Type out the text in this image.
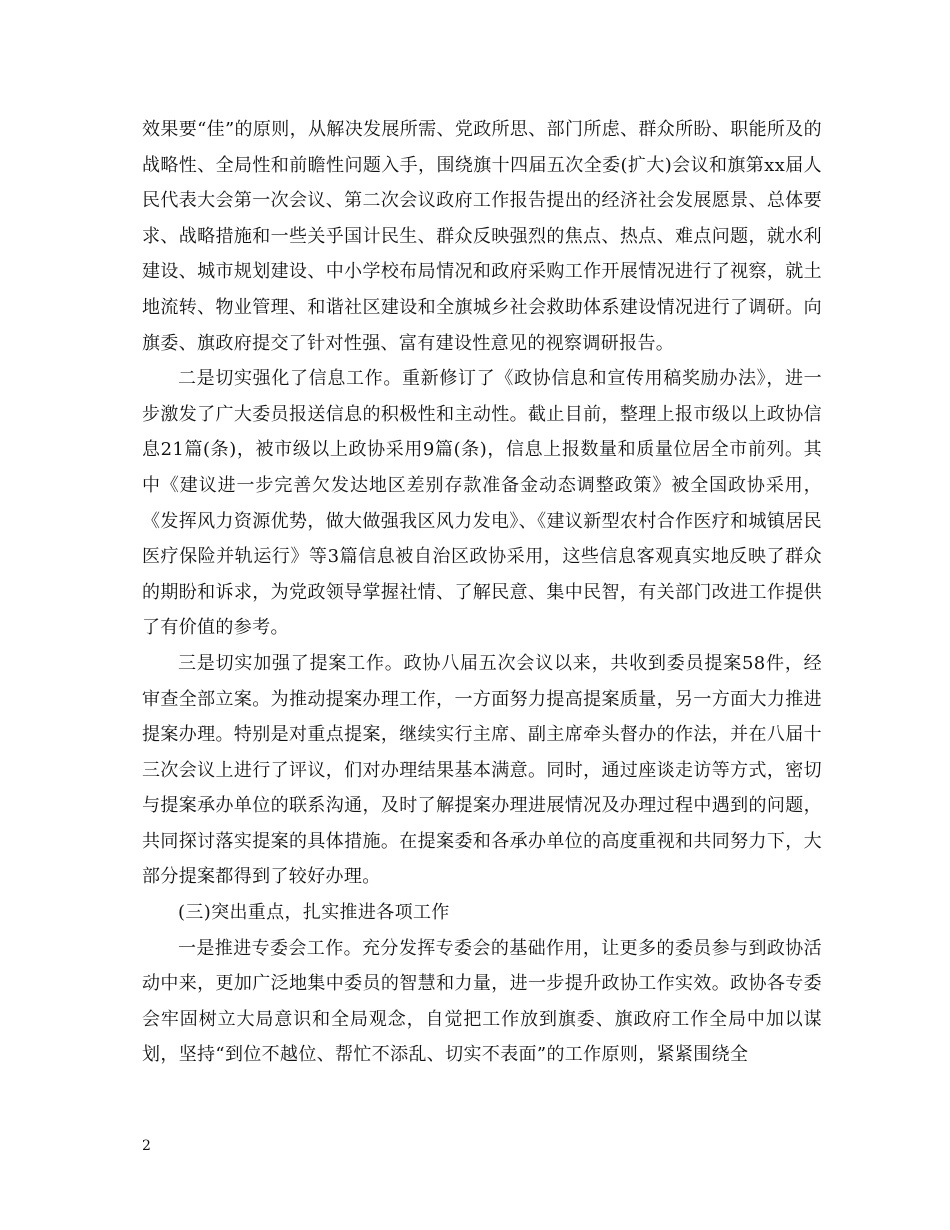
效果要“佳”的原则，从解决发展所需、党政所思、部门所虑、群众所盼、职能所及的战略性、全局性和前瞻性问题入手，围绕旗十四届五次全委(扩大)会议和旗第xx届人民代表大会第一次会议、第二次会议政府工作报告提出的经济社会发展愿景、总体要求、战略措施和一些关乎国计民生、群众反映强烈的焦点、热点、难点问题，就水利建设、城市规划建设、中小学校布局情况和政府采购工作开展情况进行了视察，就土地流转、物业管理、和谐社区建设和全旗城乡社会救助体系建设情况进行了调研。向旗委、旗政府提交了针对性强、富有建设性意见的视察调研报告。

二是切实强化了信息工作。重新修订了《政协信息和宣传用稿奖励办法》，进一步激发了广大委员报送信息的积极性和主动性。截止目前，整理上报市级以上政协信息21篇(条)，被市级以上政协采用9篇(条)，信息上报数量和质量位居全市前列。其中《建议进一步完善欠发达地区差别存款准备金动态调整政策》被全国政协采用，《发挥风力资源优势，做大做强我区风力发电》、《建议新型农村合作医疗和城镇居民医疗保险并轨运行》等3篇信息被自治区政协采用，这些信息客观真实地反映了群众的期盼和诉求，为党政领导掌握社情、了解民意、集中民智，有关部门改进工作提供了有价值的参考。

三是切实加强了提案工作。政协八届五次会议以来，共收到委员提案58件，经审查全部立案。为推动提案办理工作，一方面努力提高提案质量，另一方面大力推进提案办理。特别是对重点提案，继续实行主席、副主席牵头督办的作法，并在八届十三次会议上进行了评议，们对办理结果基本满意。同时，通过座谈走访等方式，密切与提案承办单位的联系沟通，及时了解提案办理进展情况及办理过程中遇到的问题，共同探讨落实提案的具体措施。在提案委和各承办单位的高度重视和共同努力下，大部分提案都得到了较好办理。

(三)突出重点，扎实推进各项工作

一是推进专委会工作。充分发挥专委会的基础作用，让更多的委员参与到政协活动中来，更加广泛地集中委员的智慧和力量，进一步提升政协工作实效。政协各专委会牢固树立大局意识和全局观念，自觉把工作放到旗委、旗政府工作全局中加以谋划，坚持“到位不越位、帮忙不添乱、切实不表面”的工作原则，紧紧围绕全

2
